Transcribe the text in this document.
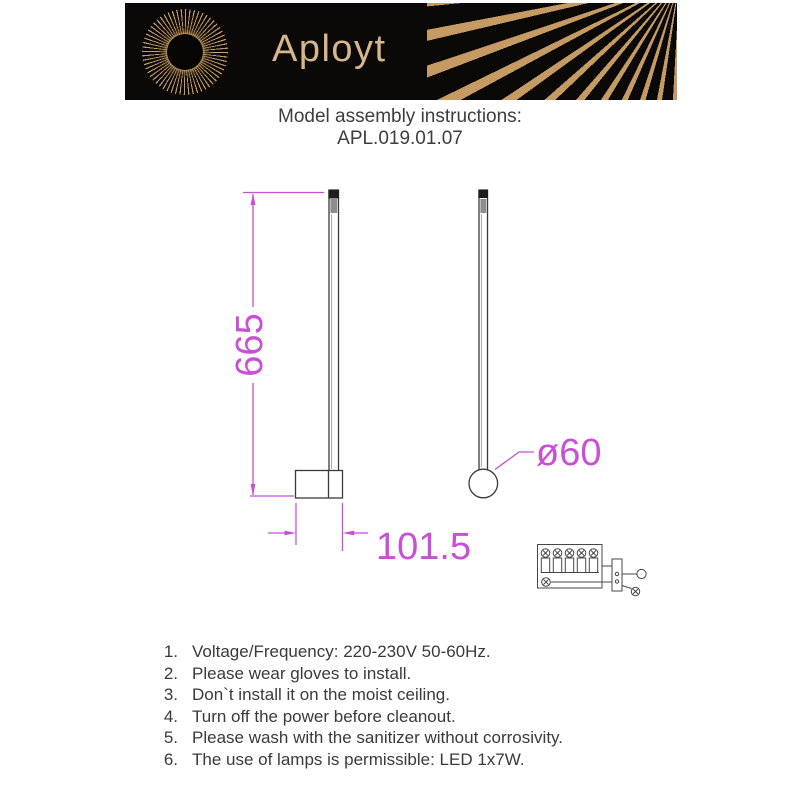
Aployt
Model assembly instructions:
APL.019.01.07
665
101.5
ø60
1. Voltage/Frequency: 220-230V 50-60Hz.
2. Please wear gloves to install.
3. Don`t install it on the moist ceiling.
4. Turn off the power before cleanout.
5. Please wash with the sanitizer without corrosivity.
6. The use of lamps is permissible: LED 1x7W.
